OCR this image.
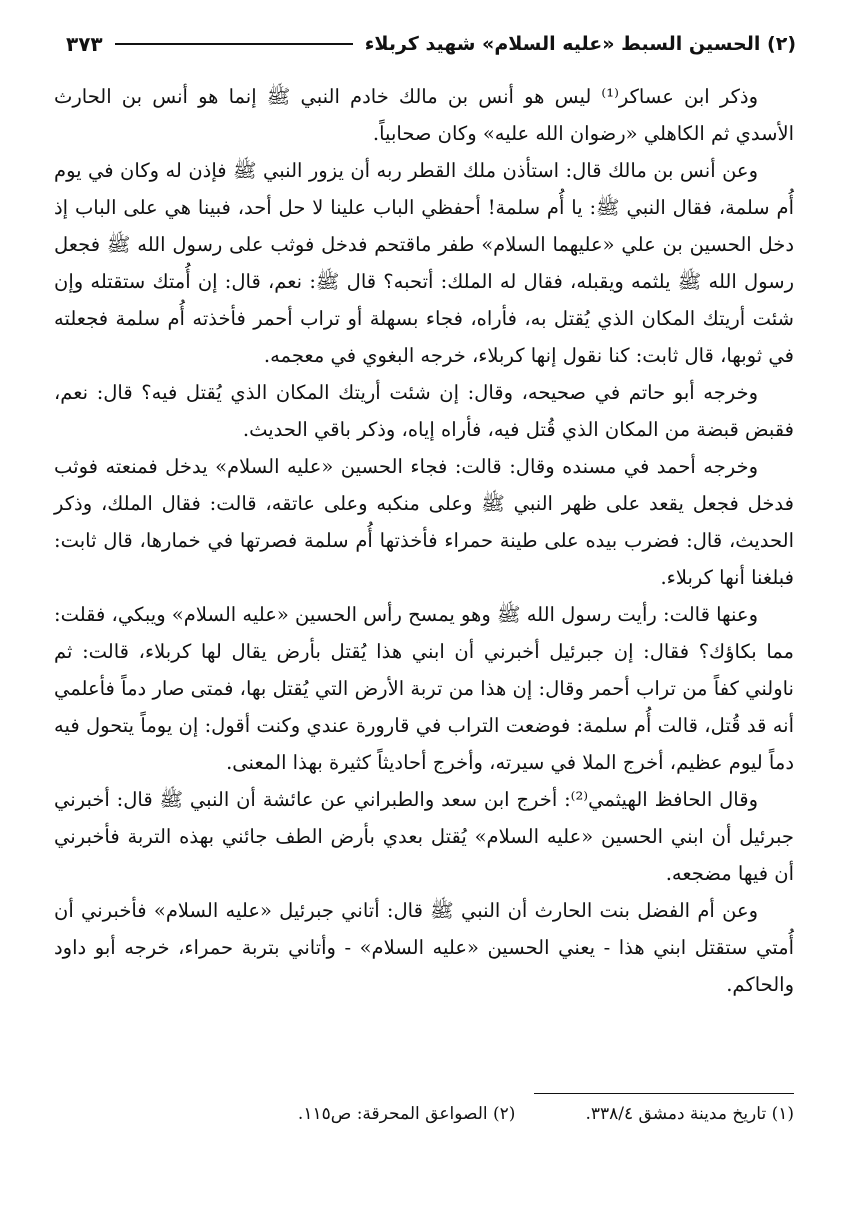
(٢) الحسين السبط «عليه السلام» شهيد كربلاء
٣٧٣

وذكر ابن عساكر⁽¹⁾ ليس هو أنس بن مالك خادم النبي ﷺ إنما هو أنس بن الحارث الأسدي ثم الكاهلي «رضوان الله عليه» وكان صحابياً.

وعن أنس بن مالك قال: استأذن ملك القطر ربه أن يزور النبي ﷺ فإذن له وكان في يوم أُم سلمة، فقال النبي ﷺ: يا أُم سلمة! أحفظي الباب علينا لا حل أحد، فبينا هي على الباب إذ دخل الحسين بن علي «عليهما السلام» طفر ماقتحم فدخل فوثب على رسول الله ﷺ فجعل رسول الله ﷺ يلثمه ويقبله، فقال له الملك: أتحبه؟ قال ﷺ: نعم، قال: إن أُمتك ستقتله وإن شئت أريتك المكان الذي يُقتل به، فأراه، فجاء بسهلة أو تراب أحمر فأخذته أُم سلمة فجعلته في ثوبها، قال ثابت: كنا نقول إنها كربلاء، خرجه البغوي في معجمه.

وخرجه أبو حاتم في صحيحه، وقال: إن شئت أريتك المكان الذي يُقتل فيه؟ قال: نعم، فقبض قبضة من المكان الذي قُتل فيه، فأراه إياه، وذكر باقي الحديث.

وخرجه أحمد في مسنده وقال: قالت: فجاء الحسين «عليه السلام» يدخل فمنعته فوثب فدخل فجعل يقعد على ظهر النبي ﷺ وعلى منكبه وعلى عاتقه، قالت: فقال الملك، وذكر الحديث، قال: فضرب بيده على طينة حمراء فأخذتها أُم سلمة فصرتها في خمارها، قال ثابت: فبلغنا أنها كربلاء.

وعنها قالت: رأيت رسول الله ﷺ وهو يمسح رأس الحسين «عليه السلام» ويبكي، فقلت: مما بكاؤك؟ فقال: إن جبرئيل أخبرني أن ابني هذا يُقتل بأرض يقال لها كربلاء، قالت: ثم ناولني كفاً من تراب أحمر وقال: إن هذا من تربة الأرض التي يُقتل بها، فمتى صار دماً فأعلمي أنه قد قُتل، قالت أُم سلمة: فوضعت التراب في قارورة عندي وكنت أقول: إن يوماً يتحول فيه دماً ليوم عظيم، أخرج الملا في سيرته، وأخرج أحاديثاً كثيرة بهذا المعنى.

وقال الحافظ الهيثمي⁽²⁾: أخرج ابن سعد والطبراني عن عائشة أن النبي ﷺ قال: أخبرني جبرئيل أن ابني الحسين «عليه السلام» يُقتل بعدي بأرض الطف جائني بهذه التربة فأخبرني أن فيها مضجعه.

وعن أم الفضل بنت الحارث أن النبي ﷺ قال: أتاني جبرئيل «عليه السلام» فأخبرني أن أُمتي ستقتل ابني هذا - يعني الحسين «عليه السلام» - وأتاني بتربة حمراء، خرجه أبو داود والحاكم.

(١) تاريخ مدينة دمشق ٣٣٨/٤.
(٢) الصواعق المحرقة: ص١١٥.
